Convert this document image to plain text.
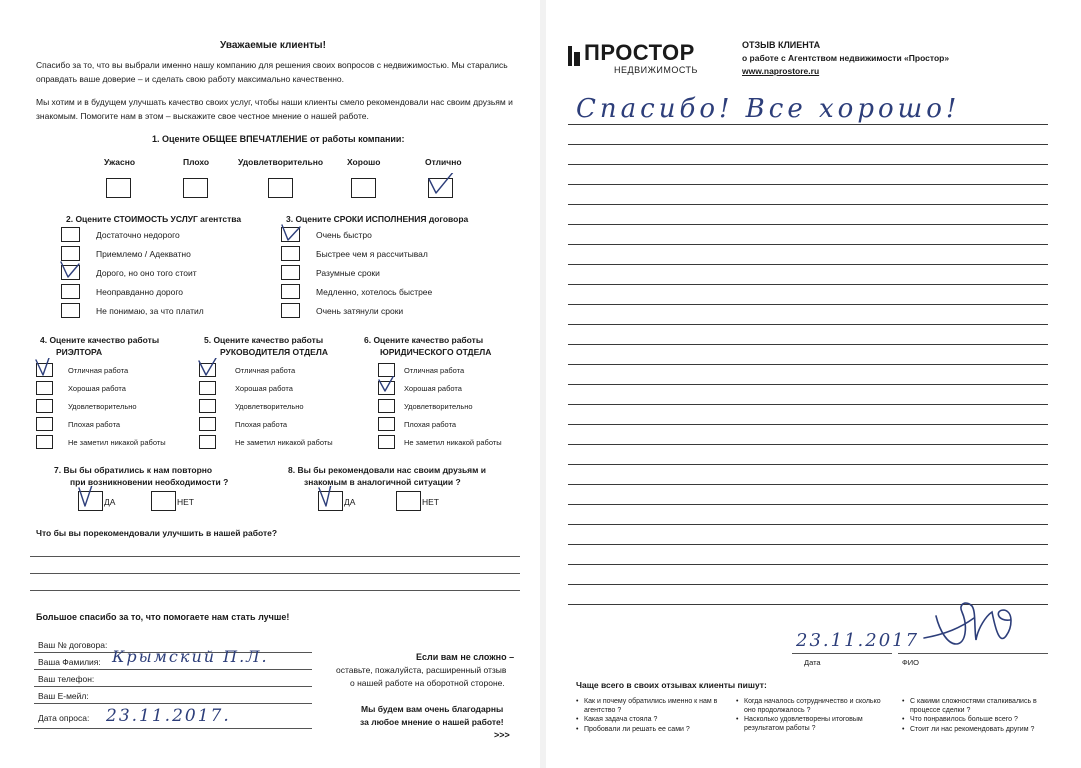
Уважаемые клиенты!
Спасибо за то, что вы выбрали именно нашу компанию для решения своих вопросов с недвижимостью. Мы старались
оправдать ваше доверие – и сделать свою работу максимально качественно.
Мы хотим и в будущем улучшать качество своих услуг, чтобы наши клиенты смело рекомендовали нас своим друзьям и
знакомым. Помогите нам в этом – выскажите свое честное мнение о нашей работе.
1. Оцените ОБЩЕЕ ВПЕЧАТЛЕНИЕ от работы компании:
Ужасно	Плохо	Удовлетворительно	Хорошо	Отлично
2. Оцените СТОИМОСТЬ УСЛУГ агентства
Достаточно недорого
Приемлемо / Адекватно
Дорого, но оно того стоит
Неоправданно дорого
Не понимаю, за что платил
3. Оцените СРОКИ ИСПОЛНЕНИЯ договора
Очень быстро
Быстрее чем я рассчитывал
Разумные сроки
Медленно, хотелось быстрее
Очень затянули сроки
4. Оцените качество работы
РИЭЛТОРА
Отличная работа
Хорошая работа
Удовлетворительно
Плохая работа
Не заметил никакой работы
5. Оцените качество работы
РУКОВОДИТЕЛЯ ОТДЕЛА
Отличная работа
Хорошая работа
Удовлетворительно
Плохая работа
Не заметил никакой работы
6. Оцените качество работы
ЮРИДИЧЕСКОГО ОТДЕЛА
Отличная работа
Хорошая работа
Удовлетворительно
Плохая работа
Не заметил никакой работы
7. Вы бы обратились к нам повторно
при возникновении необходимости ?
ДА	НЕТ
8. Вы бы рекомендовали нас своим друзьям и
знакомым в аналогичной ситуации ?
ДА	НЕТ
Что бы вы порекомендовали улучшить в нашей работе?
Большое спасибо за то, что помогаете нам стать лучше!
Ваш № договора:
Ваша Фамилия: Крымский П.Л.
Ваш телефон:
Ваш E-мейл:
Дата опроса: 23.11.2017.
Если вам не сложно –
оставьте, пожалуйста, расширенный отзыв
о нашей работе на оборотной стороне.
Мы будем вам очень благодарны
за любое мнение о нашей работе!
>>>
ПРОСТОР
НЕДВИЖИМОСТЬ
ОТЗЫВ КЛИЕНТА
о работе с Агентством недвижимости «Простор»
www.naprostore.ru
Спасибо! Все хорошо!
23.11.2017
Дата	ФИО
Чаще всего в своих отзывах клиенты пишут:
• Как и почему обратились именно к нам в агентство ?
• Какая задача стояла ?
• Пробовали ли решать ее сами ?
• Когда началось сотрудничество и сколько оно продолжалось ?
• Насколько удовлетворены итоговым результатом работы ?
• С какими сложностями сталкивались в процессе сделки ?
• Что понравилось больше всего ?
• Стоит ли нас рекомендовать другим ?
